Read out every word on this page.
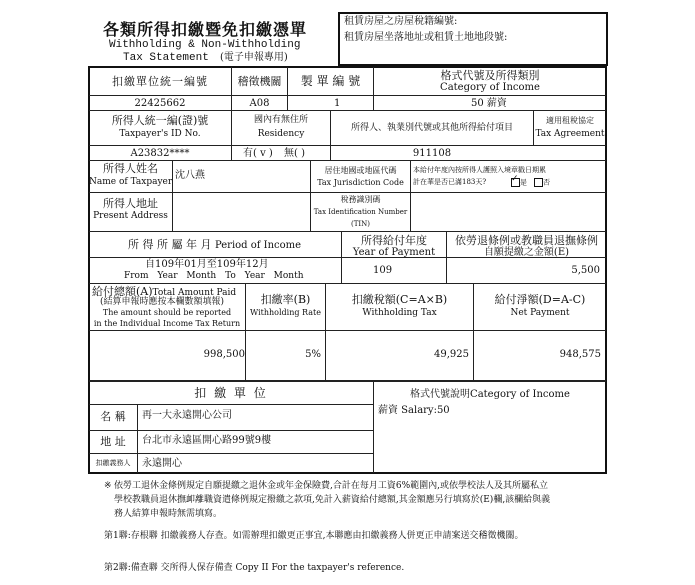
各類所得扣繳暨免扣繳憑單
Withholding & Non-Withholding
Tax Statement (電子申報專用)
租賃房屋之房屋稅籍編號:
租賃房屋坐落地址或租賃土地地段號:
扣繳單位統一編號	稽徵機關	製 單 編 號	格式代號及所得類別
Category of Income
22425662	A08	1	50 薪資
所得人統一編(證)號
Taxpayer's ID No.
國內有無住所
Residency
所得人、執業別代號或其他所得給付項目
適用租稅協定
Tax Agreement
A23832****	有( v ) 無( )	911108
所得人姓名
Name of Taxpayer
沈八燕	居住地國或地區代碼
Tax Jurisdiction Code
本給付年度內按所得人護照入境章戳日期累
計在華是否已滿183天?
✓	是	否
所得人地址
Present Address
稅務識別碼
Tax Identification Number
(TIN)
所 得 所 屬 年 月 Period of Income	所得給付年度
Year of Payment
依勞退條例或教職員退撫條例
自願提繳之金額(E)
自109年01月至109年12月
From Year Month To Year Month	109	5,500
給付總額(A)Total Amount Paid
(結算申報時應按本欄數額填報)
The amount should be reported
in the Individual Income Tax Return
扣繳率(B)
Withholding Rate
扣繳稅額(C=A×B)
Withholding Tax
給付淨額(D=A-C)
Net Payment
998,500	5%	49,925	948,575
扣 繳 單 位	格式代號說明Category of Income
薪資 Salary:50
名 稱	再一大永遠開心公司
地 址	台北市永遠區開心路99號9樓
扣繳義務人	永遠開心
※ 依勞工退休金條例規定自願提繳之退休金或年金保險費,合計在每月工資6%範圍內,或依學校法人及其所屬私立
學校教職員退休撫卹離職資遣條例規定撥繳之款項,免計入薪資給付總額,其金額應另行填寫於(E)欄,該欄給與義
務人結算申報時無需填寫。
第1聯:存根聯 扣繳義務人存查。如需辦理扣繳更正事宜,本聯應由扣繳義務人併更正申請案送交稽徵機關。
第2聯:備查聯 交所得人保存備查 Copy II For the taxpayer's reference.
